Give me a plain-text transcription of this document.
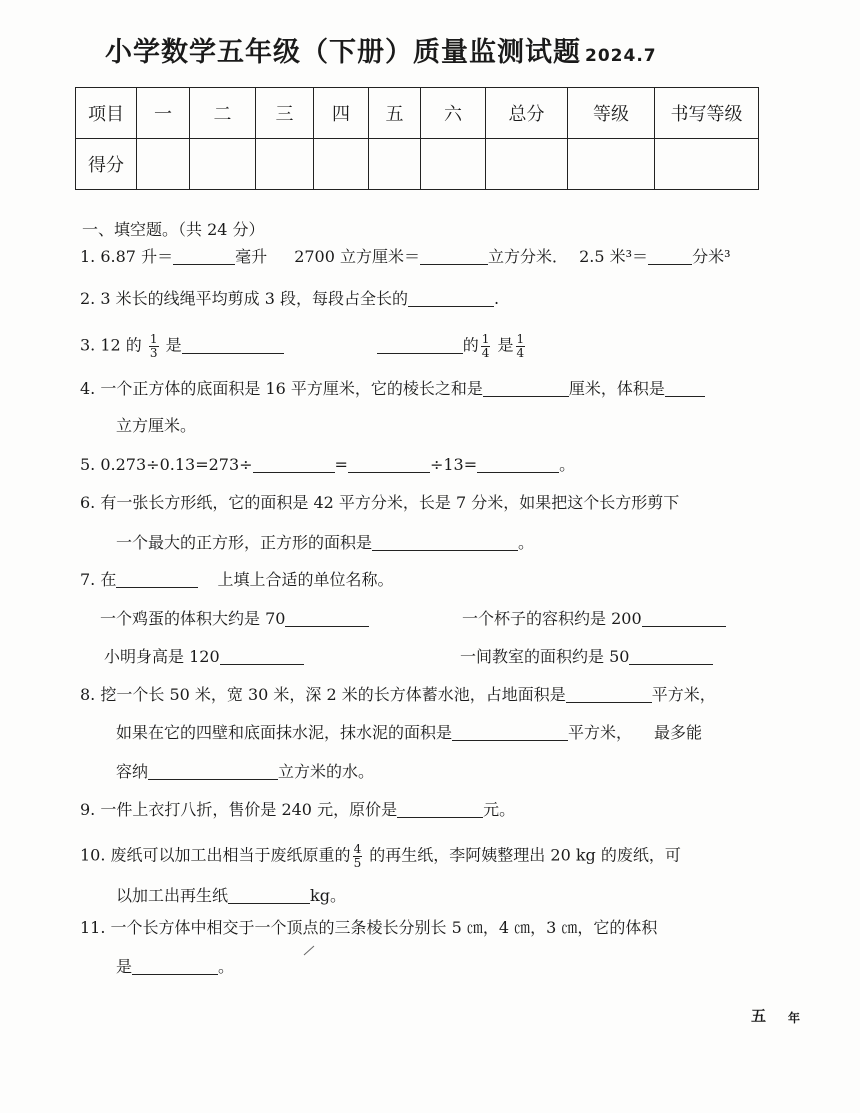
小学数学五年级（下册）质量监测试题 2024.7
项目	一	二	三	四	五	六	总分	等级	书写等级
得分									
一、填空题。（共 24 分）
1. 6.87 升＝	毫升 2700 立方厘米＝	立方分米． 2.5 米³＝	分米³
2. 3 米长的线绳平均剪成 3 段，每段占全长的	.
3. 12 的 $\frac{1}{3}$ 是	的 $\frac{1}{4}$ 是 $\frac{1}{4}$
4. 一个正方体的底面积是 16 平方厘米，它的棱长之和是	厘米，体积是
立方厘米。
5. 0.273÷0.13=273÷	=	÷13=	。
6. 有一张长方形纸，它的面积是 42 平方分米，长是 7 分米，如果把这个长方形剪下
一个最大的正方形，正方形的面积是	。
7. 在	上填上合适的单位名称。
一个鸡蛋的体积大约是 70	一个杯子的容积约是 200
小明身高是 120	一间教室的面积约是 50
8. 挖一个长 50 米，宽 30 米，深 2 米的长方体蓄水池，占地面积是	平方米，
如果在它的四壁和底面抹水泥，抹水泥的面积是	平方米， 最多能
容纳	立方米的水。
9. 一件上衣打八折，售价是 240 元，原价是	元。
10. 废纸可以加工出相当于废纸原重的 $\frac{4}{5}$ 的再生纸，李阿姨整理出 20 kg 的废纸，可
以加工出再生纸	kg。
11. 一个长方体中相交于一个顶点的三条棱长分别长 5 ㎝，4 ㎝，3 ㎝，它的体积
是	。
五 年
